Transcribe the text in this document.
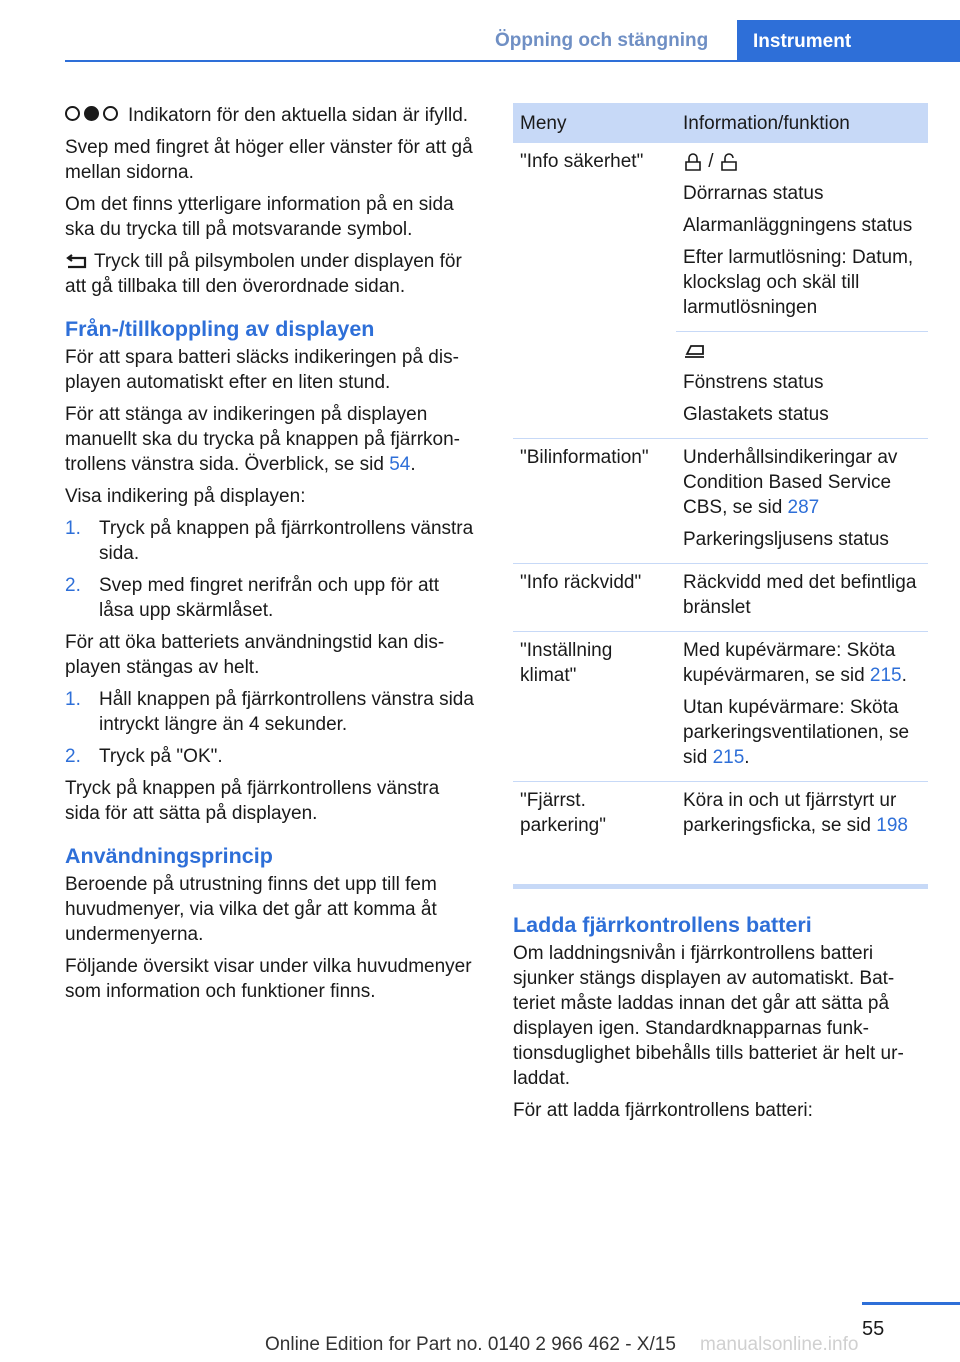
Öppning och stängning Instrument

Indikatorn för den aktuella sidan är ifylld.

Svep med fingret åt höger eller vänster för att gå mellan sidorna.

Om det finns ytterligare information på en sida ska du trycka till på motsvarande symbol.

Tryck till på pilsymbolen under displayen för att gå tillbaka till den överordnade sidan.

Från-/tillkoppling av displayen

För att spara batteri släcks indikeringen på displayen automatiskt efter en liten stund.

För att stänga av indikeringen på displayen manuellt ska du trycka på knappen på fjärrkontrollens vänstra sida. Överblick, se sid 54.

Visa indikering på displayen:

1. Tryck på knappen på fjärrkontrollens vänstra sida.
2. Svep med fingret nerifrån och upp för att låsa upp skärmlåset.

För att öka batteriets användningstid kan displayen stängas av helt.

1. Håll knappen på fjärrkontrollens vänstra sida intryckt längre än 4 sekunder.
2. Tryck på "OK".

Tryck på knappen på fjärrkontrollens vänstra sida för att sätta på displayen.

Användningsprincip

Beroende på utrustning finns det upp till fem huvudmenyer, via vilka det går att komma åt undermenyerna.

Följande översikt visar under vilka huvudmenyer som information och funktioner finns.

Meny Information/funktion	
"Info säkerhet"	/

Dörrarnas status

Alarmanläggningens status

Efter larmutlösning: Datum, klockslag och skäl till larmutlösningen

	Fönstrens status

Glastakets status

"Bilinformation"	Underhållsindikeringar av Condition Based Service CBS, se sid 287

Parkeringsljusens status

"Info räckvidd"	Räckvidd med det befintliga bränslet

"Inställning klimat"	Med kupévärmare: Sköta kupévärmaren, se sid 215.

Utan kupévärmare: Sköta parkeringsventilationen, se sid 215.

"Fjärrst. parkering"	Köra in och ut fjärrstyrt ur parkeringsficka, se sid 198

Ladda fjärrkontrollens batteri

Om laddningsnivån i fjärrkontrollens batteri sjunker stängs displayen av automatiskt. Batteriet måste laddas innan det går att sätta på displayen igen. Standardknapparnas funktionsduglighet bibehålls tills batteriet är helt urladdat.

För att ladda fjärrkontrollens batteri:

55
Online Edition for Part no. 0140 2 966 462 - X/15 manualsonline.info
